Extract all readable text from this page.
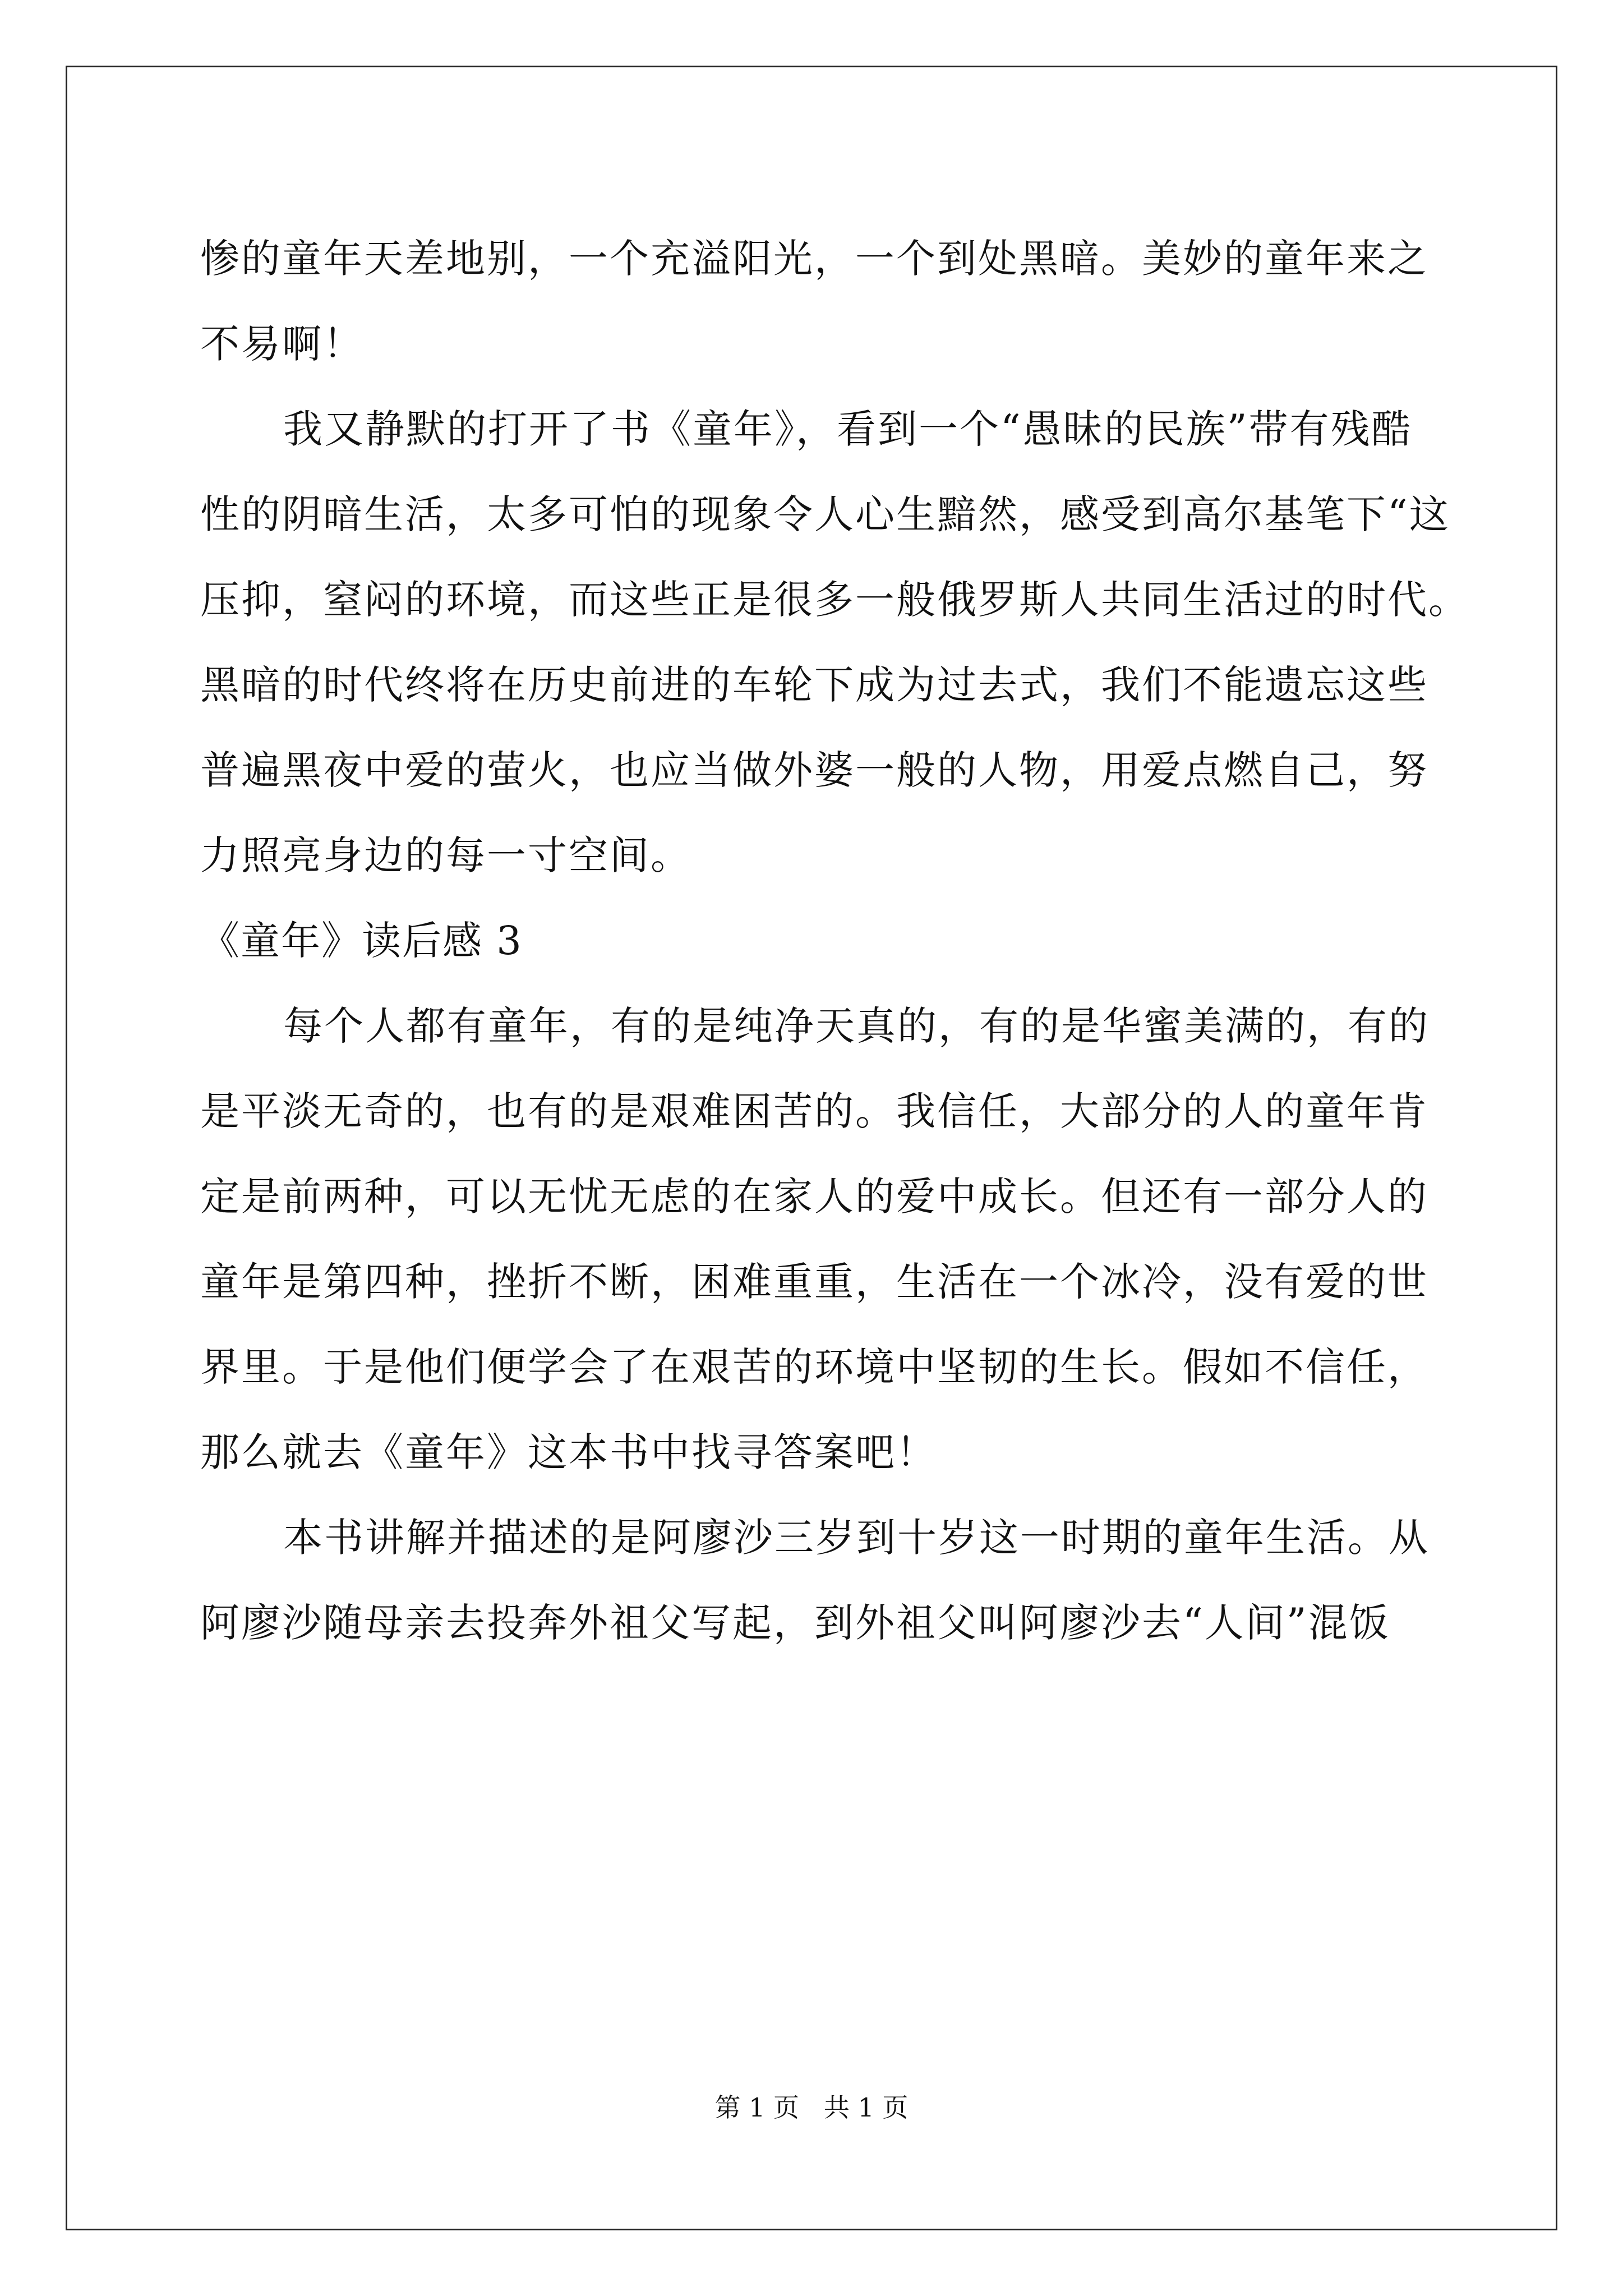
惨的童年天差地别，一个充溢阳光，一个到处黑暗。美妙的童年来之
不易啊！
我又静默的打开了书《童年》，看到一个“愚昧的民族”带有残酷
性的阴暗生活，太多可怕的现象令人心生黯然，感受到高尔基笔下“这
压抑，窒闷的环境，而这些正是很多一般俄罗斯人共同生活过的时代。
黑暗的时代终将在历史前进的车轮下成为过去式，我们不能遗忘这些
普遍黑夜中爱的萤火，也应当做外婆一般的人物，用爱点燃自己，努
力照亮身边的每一寸空间。
《童年》读后感 3
每个人都有童年，有的是纯净天真的，有的是华蜜美满的，有的
是平淡无奇的，也有的是艰难困苦的。我信任，大部分的人的童年肯
定是前两种，可以无忧无虑的在家人的爱中成长。但还有一部分人的
童年是第四种，挫折不断，困难重重，生活在一个冰冷，没有爱的世
界里。于是他们便学会了在艰苦的环境中坚韧的生长。假如不信任，
那么就去《童年》这本书中找寻答案吧！
本书讲解并描述的是阿廖沙三岁到十岁这一时期的童年生活。从
阿廖沙随母亲去投奔外祖父写起，到外祖父叫阿廖沙去“人间”混饭
第 1 页   共 1 页
